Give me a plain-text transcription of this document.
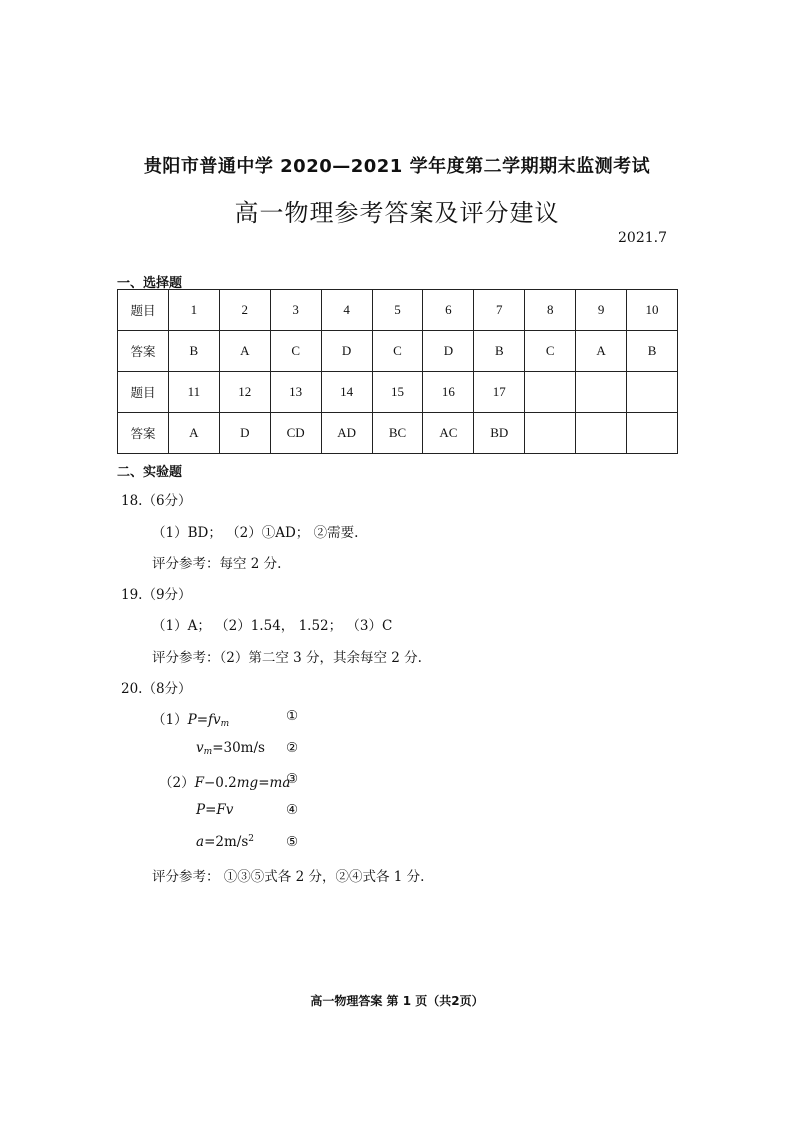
贵阳市普通中学 2020—2021 学年度第二学期期末监测考试
高一物理参考答案及评分建议
2021.7
一、选择题
题目	1	2	3	4	5	6	7	8	9	10
答案	B	A	C	D	C	D	B	C	A	B
题目	11	12	13	14	15	16	17			
答案	A	D	CD	AD	BC	AC	BD			
二、实验题
18.（6分）
（1）BD； （2）①AD； ②需要.
评分参考：每空 2 分.
19.（9分）
（1）A； （2）1.54， 1.52； （3）C
评分参考：（2）第二空 3 分，其余每空 2 分.
20.（8分）
$(1)P=fv_m$	①
$v_m=30m/s$ ②
（2）F−0.2mg=ma
③
P=Fv	④
$a=2m/s^2$ ⑤
评分参考： ①③⑤式各 2 分，②④式各 1 分.
高一物理答案 第 1 页（共2页）
